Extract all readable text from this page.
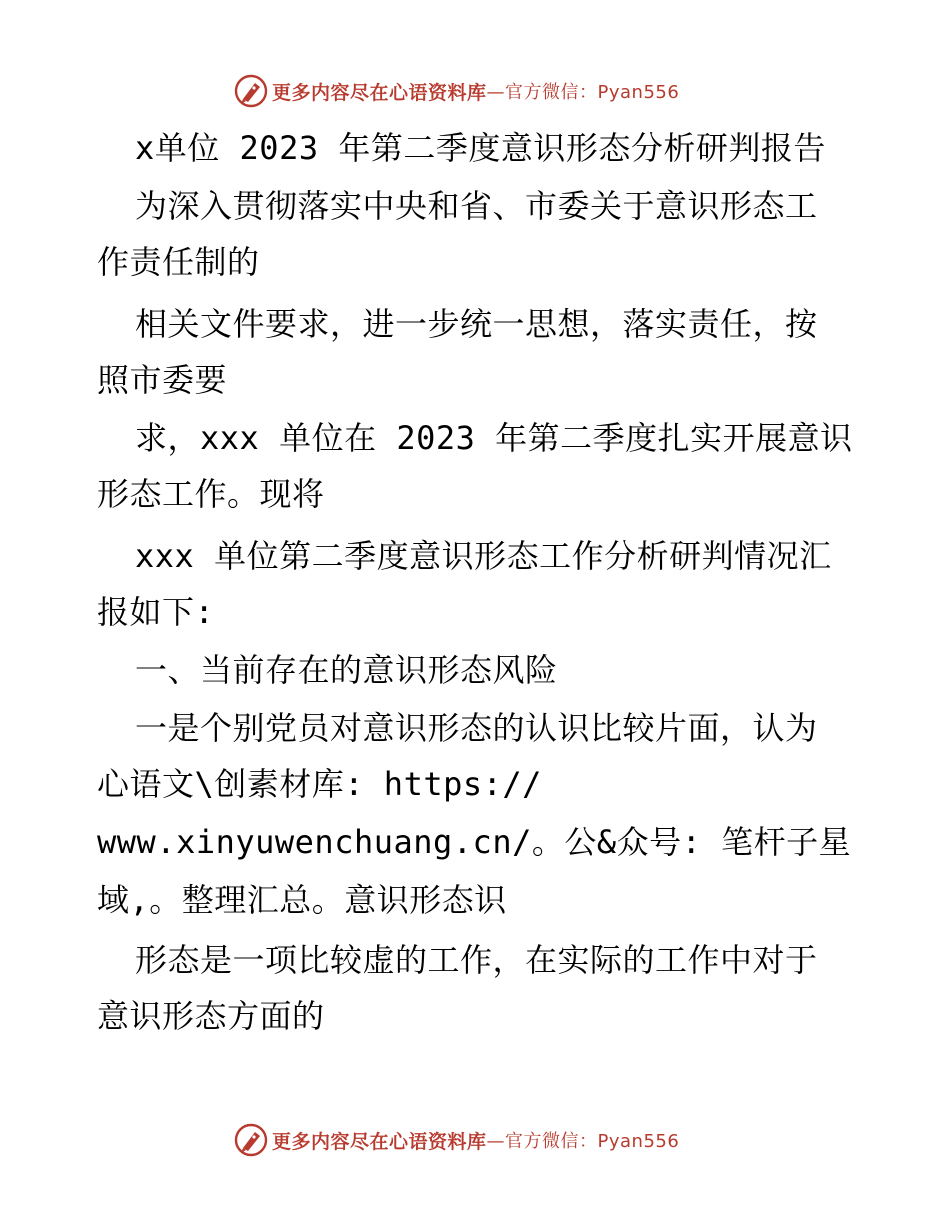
更多内容尽在心语资料库 —官方微信：Pyan556
x单位 2023 年第二季度意识形态分析研判报告
为深入贯彻落实中央和省、市委关于意识形态工
作责任制的
相关文件要求，进一步统一思想，落实责任，按
照市委要
求，xxx 单位在 2023 年第二季度扎实开展意识
形态工作。现将
xxx 单位第二季度意识形态工作分析研判情况汇
报如下:
一、当前存在的意识形态风险
一是个别党员对意识形态的认识比较片面，认为
心语文\创素材库: https://
www.xinyuwenchuang.cn/。公&众号: 笔杆子星
域,。整理汇总。意识形态识
形态是一项比较虚的工作，在实际的工作中对于
意识形态方面的
更多内容尽在心语资料库 —官方微信：Pyan556
